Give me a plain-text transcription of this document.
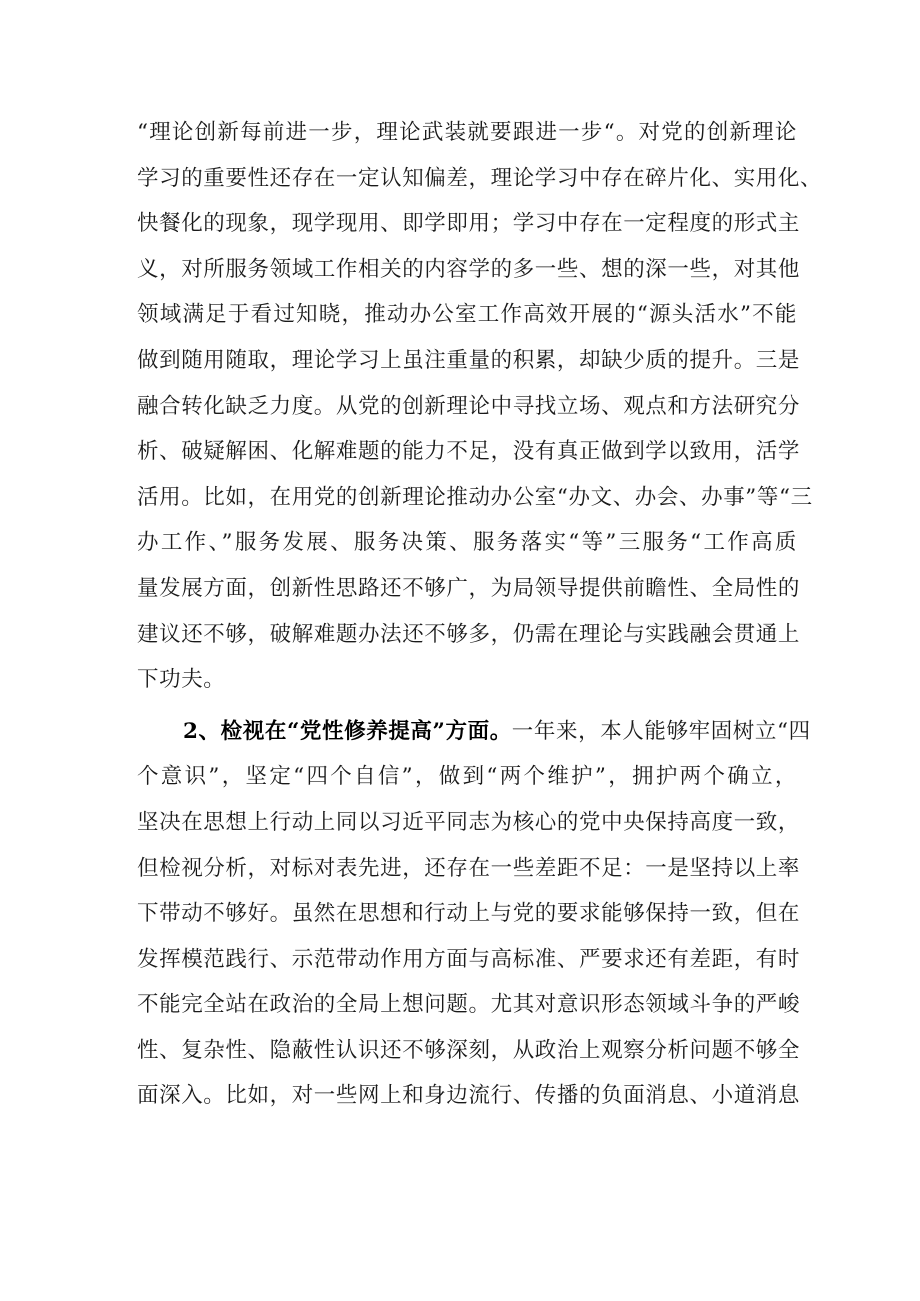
“理论创新每前进一步，理论武装就要跟进一步“。对党的创新理论
学习的重要性还存在一定认知偏差，理论学习中存在碎片化、实用化、
快餐化的现象，现学现用、即学即用；学习中存在一定程度的形式主
义，对所服务领域工作相关的内容学的多一些、想的深一些，对其他
领域满足于看过知晓，推动办公室工作高效开展的“源头活水”不能
做到随用随取，理论学习上虽注重量的积累，却缺少质的提升。三是
融合转化缺乏力度。从党的创新理论中寻找立场、观点和方法研究分
析、破疑解困、化解难题的能力不足，没有真正做到学以致用，活学
活用。比如，在用党的创新理论推动办公室“办文、办会、办事”等“三
办工作、”服务发展、服务决策、服务落实“等”三服务“工作高质
量发展方面，创新性思路还不够广，为局领导提供前瞻性、全局性的
建议还不够，破解难题办法还不够多，仍需在理论与实践融会贯通上
下功夫。
2、检视在“党性修养提高”方面。一年来，本人能够牢固树立“四
个意识”，坚定“四个自信”，做到“两个维护”，拥护两个确立，
坚决在思想上行动上同以习近平同志为核心的党中央保持高度一致，
但检视分析，对标对表先进，还存在一些差距不足：一是坚持以上率
下带动不够好。虽然在思想和行动上与党的要求能够保持一致，但在
发挥模范践行、示范带动作用方面与高标准、严要求还有差距，有时
不能完全站在政治的全局上想问题。尤其对意识形态领域斗争的严峻
性、复杂性、隐蔽性认识还不够深刻，从政治上观察分析问题不够全
面深入。比如，对一些网上和身边流行、传播的负面消息、小道消息
